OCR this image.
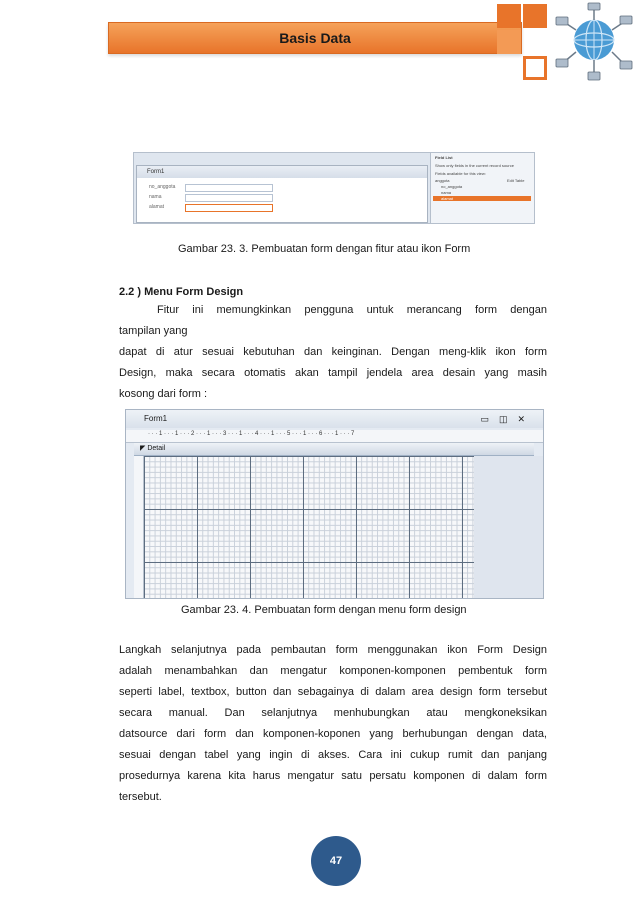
Basis Data
Form1
no_anggota
nama
alamat
Field List
Show only fields in the current record source
Fields available for this view:
anggota	Edit Table
no_anggota
nama
alamat
Gambar 23. 3. Pembuatan form dengan fitur atau ikon Form
2.2 ) Menu Form Design
Fitur ini memungkinkan pengguna untuk merancang form dengan
tampilan yang
dapat di atur sesuai kebutuhan dan keinginan. Dengan meng-klik ikon form
Design, maka secara otomatis akan tampil jendela area desain yang masih
kosong dari form :
Form1	▭◫✕
· · · 1 · · · 1 · · · 2 · · · 1 · · · 3 · · · 1 · · · 4 · · · 1 · · · 5 · · · 1 · · · 6 · · · 1 · · · 7
◤ Detail
Gambar 23. 4. Pembuatan form dengan menu form design
Langkah selanjutnya pada pembautan form menggunakan ikon Form Design
adalah menambahkan dan mengatur komponen-komponen pembentuk form
seperti label, textbox, button dan sebagainya di dalam area design form tersebut
secara manual. Dan selanjutnya menhubungkan atau mengkoneksikan
datsource dari form dan komponen-koponen yang berhubungan dengan data,
sesuai dengan tabel yang ingin di akses. Cara ini cukup rumit dan panjang
prosedurnya karena kita harus mengatur satu persatu komponen di dalam form
tersebut.
47
